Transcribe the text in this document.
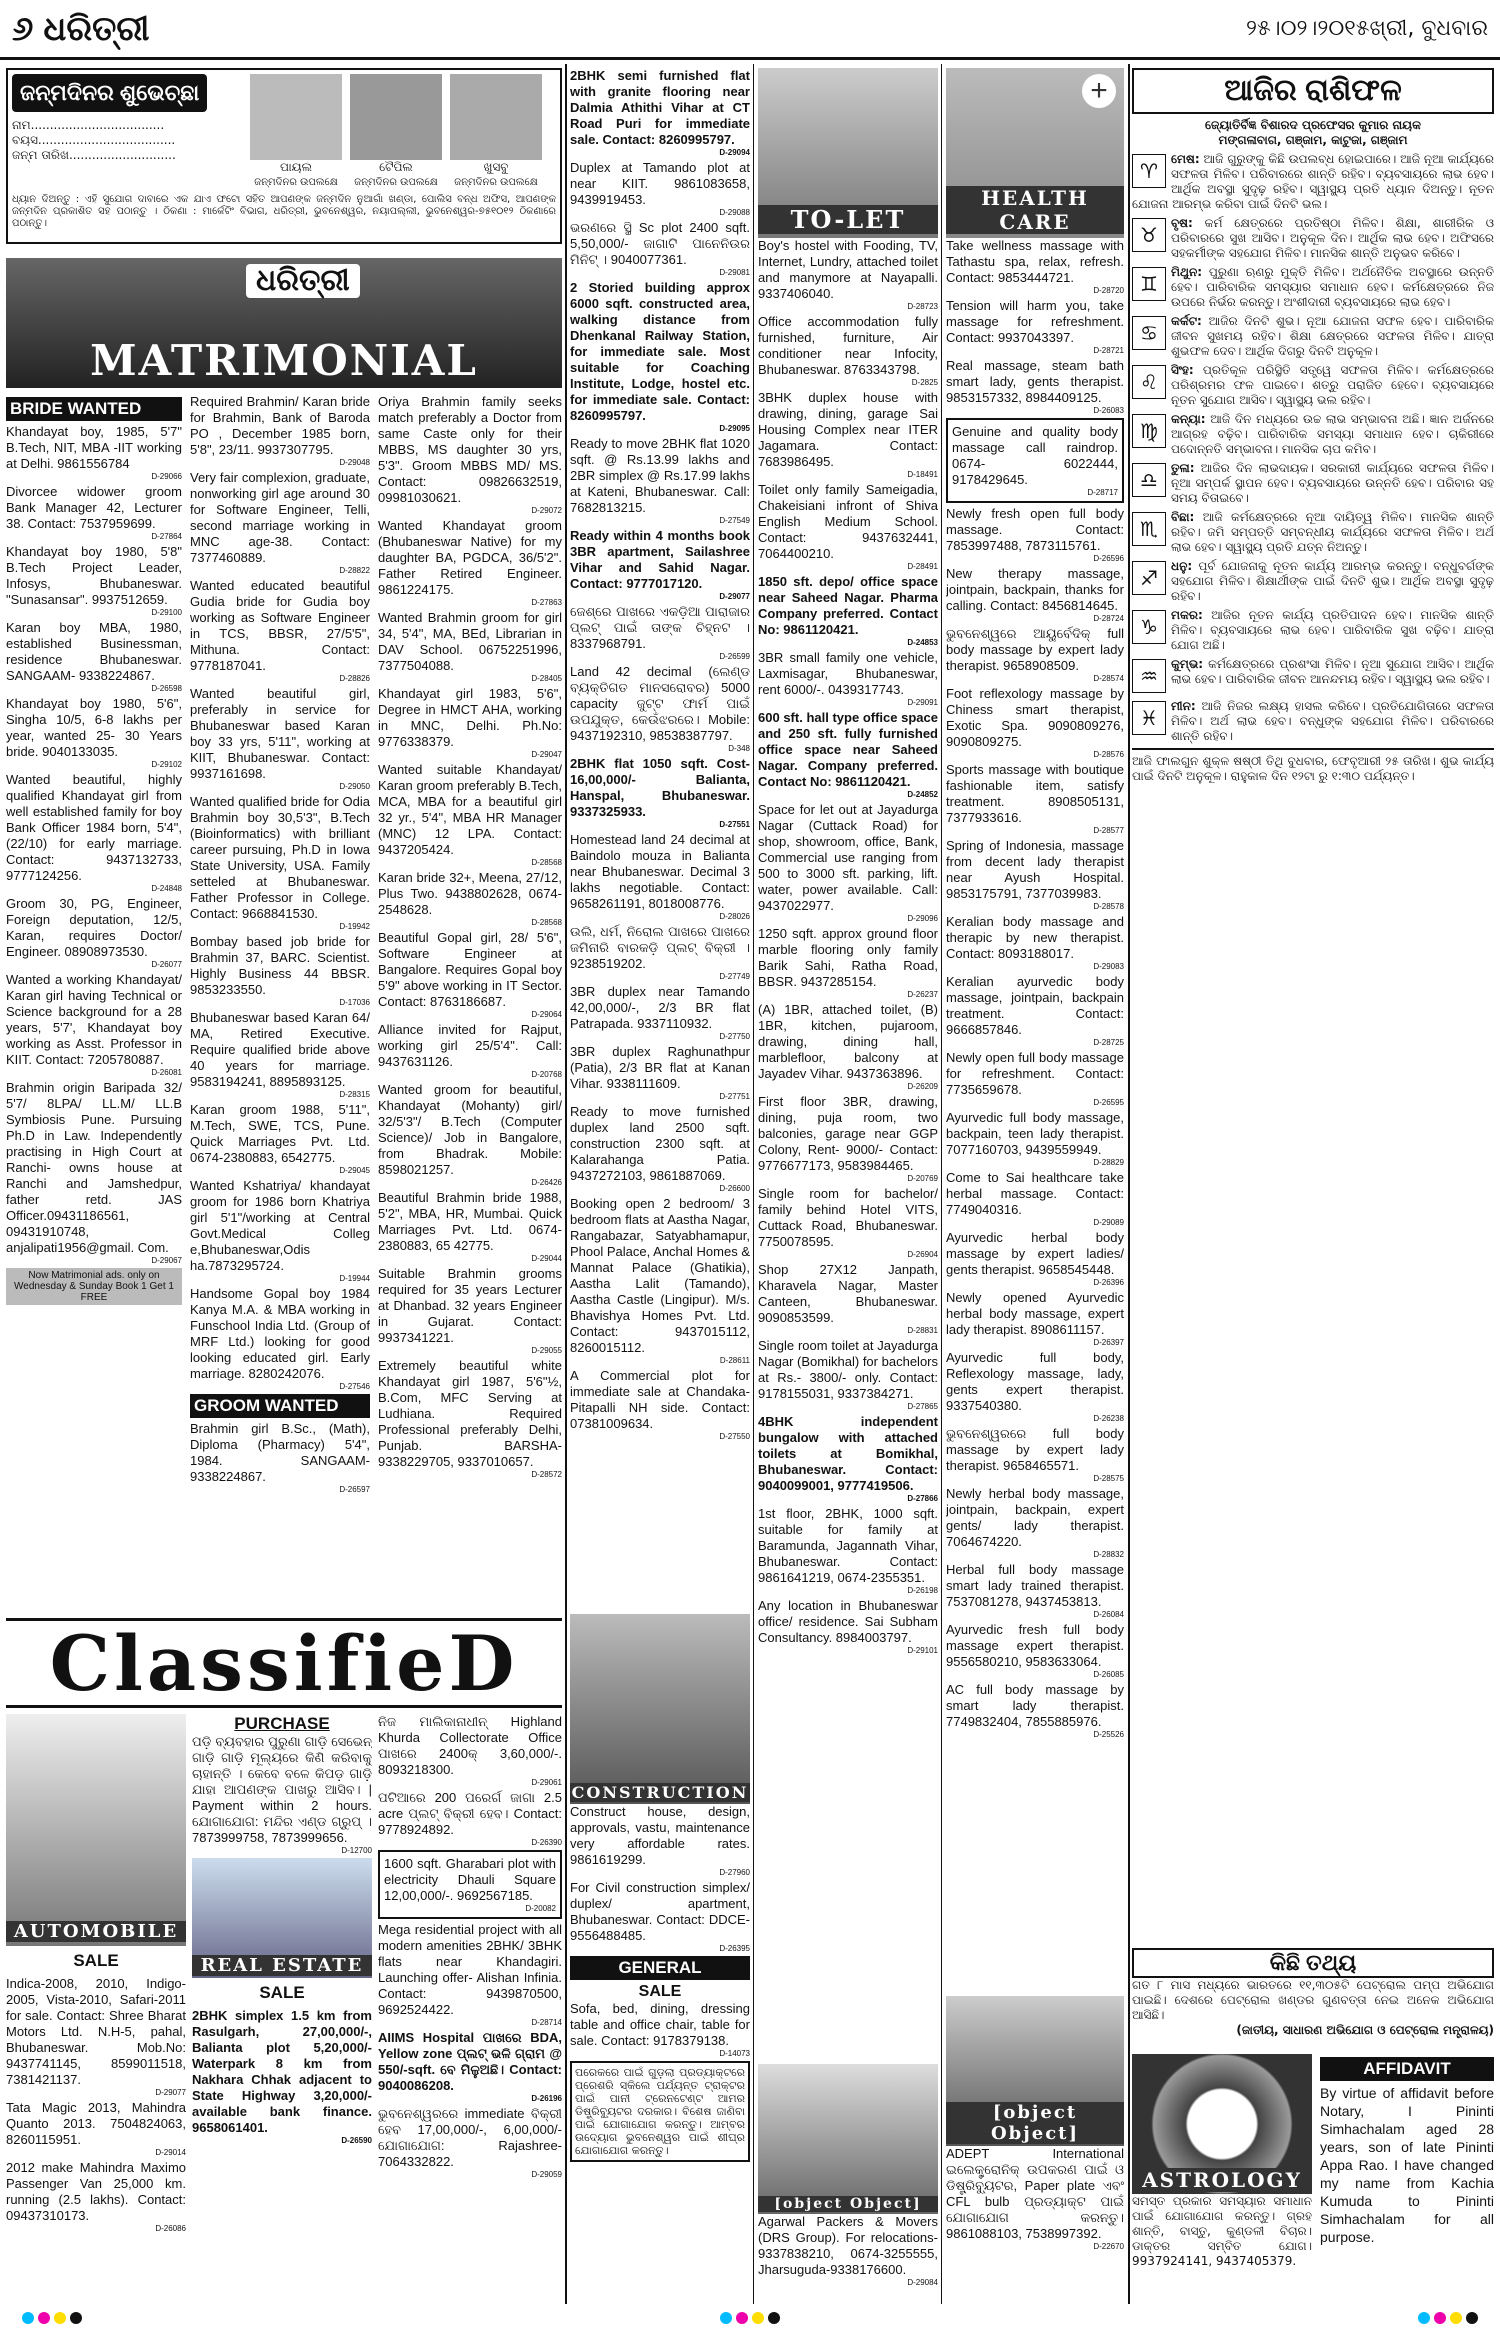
୬ ଧରିତ୍ରୀ	୨୫।୦୨।୨୦୧୫ଖ୍ରୀ, ବୁଧବାର
ଜନ୍ମଦିନର ଶୁଭେଚ୍ଛା
ନାମ...................................
ବୟସ....................................
ଜନ୍ମ ତାରିଖ............................
ପାୟଲ
ଜନ୍ମଦିନର ଉପଲକ୍ଷେ
ଟୈପିଲ
ଜନ୍ମଦିନର ଉପଲକ୍ଷେ
ଖୁସବୁ
ଜନ୍ମଦିନର ଉପଲକ୍ଷେ
ଧ୍ୟାନ ଦିଅନ୍ତୁ : ଏହି ସୁଯୋଗ ଦାବାରେ ଏକ ଯାଏ ଫଟୋ ସହିତ ଆପଣଙ୍କ ଜନ୍ମଦିନ ନୁଆଗାଁ ଖଣ୍ଡା, ପୋଲିସ ବନ୍ଧ ଅଫିସ, ଆପଣଙ୍କ ଜନ୍ମଦିନ ପ୍ରକାଶିତ ସହ ପଠାନ୍ତୁ । ଠିକଣା : ମାର୍କେଟିଂ ବିଭାଗ, ଧରିତ୍ରୀ, ଭୁବନେଶ୍ୱର, ନୟାପଲ୍ଲୀ, ଭୁବନେଶ୍ୱର-୭୫୧୦୧୨ ଠିକଣାରେ ପଠାନ୍ତୁ।
ଧରିତ୍ରୀ
MATRIMONIAL
BRIDE WANTED
Khandayat boy, 1985, 5'7" B.Tech, NIT, MBA -IIT working at Delhi. 9861556784
D-29066
Divorcee widower groom Bank Manager 42, Lecturer 38. Contact: 7537959699.
D-27864
Khandayat boy 1980, 5'8" B.Tech Project Leader, Infosys, Bhubaneswar. "Sunasansar". 9937512659.
D-29100
Karan boy MBA, 1980, established Businessman, residence Bhubaneswar. SANGAAM- 9338224867.
D-26598
Khandayat boy 1980, 5'6", Singha 10/5, 6-8 lakhs per year, wanted 25- 30 Years bride. 9040133035.
D-29102
Wanted beautiful, highly qualified Khandayat girl from well established family for boy Bank Officer 1984 born, 5'4", (22/10) for early marriage. Contact: 9437132733, 9777124256.
D-24848
Groom 30, PG, Engineer, Foreign deputation, 12/5, Karan, requires Doctor/ Engineer. 08908973530.
D-26077
Wanted a working Khandayat/ Karan girl having Technical or Science background for a 28 years, 5'7', Khandayat boy working as Asst. Professor in KIIT. Contact: 7205780887.
D-26081
Brahmin origin Baripada 32/ 5'7/ 8LPA/ LL.M/ LL.B Symbiosis Pune. Pursuing Ph.D in Law. Independently practising in High Court at Ranchi- owns house at Ranchi and Jamshedpur, father retd. JAS Officer.09431186561, 09431910748, anjalipati1956@gmail. Com.
D-29067
Now Matrimonial ads. only on Wednesday & Sunday Book 1 Get 1 FREE
Required Brahmin/ Karan bride for Brahmin, Bank of Baroda PO , December 1985 born, 5'8", 23/11. 9937307795.
D-29048
Very fair complexion, graduate, nonworking girl age around 30 for Software Engineer, Telli, second marriage working in MNC age-38. Contact: 7377460889.
D-28822
Wanted educated beautiful Gudia bride for Gudia boy working as Software Engineer in TCS, BBSR, 27/5'5", Mithuna. Contact: 9778187041.
D-28826
Wanted beautiful girl, preferably in service for Bhubaneswar based Karan boy 33 yrs, 5'11", working at KIIT, Bhubaneswar. Contact: 9937161698.
D-29050
Wanted qualified bride for Odia Brahmin boy 30,5'3", B.Tech (Bioinformatics) with brilliant career pursuing, Ph.D in Iowa State University, USA. Family setteled at Bhubaneswar. Father Professor in College. Contact: 9668841530.
D-19942
Bombay based job bride for Brahmin 37, BARC. Scientist. Highly Business 44 BBSR. 9853233550.
D-17036
Bhubaneswar based Karan 64/ MA, Retired Executive. Require qualified bride above 40 years for marriage. 9583194241, 8895893125.
D-28315
Karan groom 1988, 5'11", M.Tech, SWE, TCS, Pune. Quick Marriages Pvt. Ltd. 0674-2380883, 6542775.
D-29045
Wanted Kshatriya/ khandayat groom for 1986 born Khatriya girl 5'1"/working at Central Govt.Medical Colleg e,Bhubaneswar,Odis ha.7873295724.
D-19944
Handsome Gopal boy 1984 Kanya M.A. & MBA working in Funschool India Ltd. (Group of MRF Ltd.) looking for good looking educated girl. Early marriage. 8280242076.
D-27546
GROOM WANTED
Brahmin girl B.Sc., (Math), Diploma (Pharmacy) 5'4", 1984. SANGAAM- 9338224867.
D-26597
Oriya Brahmin family seeks match preferably a Doctor from same Caste only for their MBBS, MS daughter 30 yrs, 5'3". Groom MBBS MD/ MS. Contact: 09826632519, 09981030621.
D-29072
Wanted Khandayat groom (Bhubaneswar Native) for my daughter BA, PGDCA, 36/5'2". Father Retired Engineer. 9861224175.
D-27863
Wanted Brahmin groom for girl 34, 5'4", MA, BEd, Librarian in DAV School. 06752251996, 7377504088.
D-28405
Khandayat girl 1983, 5'6", Degree in HMCT AHA, working in MNC, Delhi. Ph.No: 9776338379.
D-29047
Wanted suitable Khandayat/ Karan groom preferably B.Tech, MCA, MBA for a beautiful girl 32 yr., 5'4", MBA HR Manager (MNC) 12 LPA. Contact: 9437205424.
D-28568
Karan bride 32+, Meena, 27/12, Plus Two. 9438802628, 0674- 2548628.
D-28568
Beautiful Gopal girl, 28/ 5'6", Software Engineer at Bangalore. Requires Gopal boy 5'9" above working in IT Sector. Contact: 8763186687.
D-29064
Alliance invited for Rajput, working girl 25/5'4". Call: 9437631126.
D-20768
Wanted groom for beautiful, Khandayat (Mohanty) girl/ 32/5'3"/ B.Tech (Computer Science)/ Job in Bangalore, from Bhadrak. Mobile: 8598021257.
D-26426
Beautiful Brahmin bride 1988, 5'2", MBA, HR, Mumbai. Quick Marriages Pvt. Ltd. 0674-2380883, 65 42775.
D-29044
Suitable Brahmin grooms required for 35 years Lecturer at Dhanbad. 32 years Engineer in Gujarat. Contact: 9937341221.
D-29055
Extremely beautiful white Khandayat girl 1987, 5'6"½, B.Com, MFC Serving at Ludhiana. Required Professional preferably Delhi, Punjab. BARSHA- 9338229705, 9337010657.
D-28572
2BHK semi furnished flat with granite flooring near Dalmia Athithi Vihar at CT Road Puri for immediate sale. Contact: 8260995797.
D-29094
Duplex at Tamando plot at near KIIT. 9861083658, 9439919453.
D-29088
ଭରଣରେ ସ୍ଥି Sc plot 2400 sqft. 5,50,000/- ଜାଗାଟି ପାନେନିଉର ମିନିଟ୍ । 9040077361.
D-29081
2 Storied building approx 6000 sqft. constructed area, walking distance from Dhenkanal Railway Station, for immediate sale. Most suitable for Coaching Institute, Lodge, hostel etc. for immediate sale. Contact: 8260995797.
D-29095
Ready to move 2BHK flat 1020 sqft. @ Rs.13.99 lakhs and 2BR simplex @ Rs.17.99 lakhs at Kateni, Bhubaneswar. Call: 7682813215.
D-27549
Ready within 4 months book 3BR apartment, Sailashree Vihar and Sahid Nagar. Contact: 9777017120.
D-29077
ଜେଶ୍ରେ ପାଖରେ ଏକଡ଼ିଆ ପାରାଜାର ପ୍ଲଟ୍ ପାଇଁ ତାଙ୍କ ଚିହ୍ନଟ । 8337968791.
D-26599
Land 42 decimal (ଲେଣ୍ଡ ବ୍ୟକ୍ତିଗତ ମାନସରୋବର) 5000 capacity ଜୁଟ୍ଟ ଫାର୍ମ ପାଇଁ ଉପଯୁକ୍ତ, କେଉଁଝରରେ। Mobile: 9437192310, 98538387797.
D-348
2BHK flat 1050 sqft. Cost- 16,00,000/- Balianta, Hanspal, Bhubaneswar. 9337325933.
D-27551
Homestead land 24 decimal at Baindolo mouza in Balianta near Bhubaneswar. Decimal 3 lakhs negotiable. Contact: 9658261191, 8018008776.
D-28026
ଉଲି, ଧର୍ମ, ନିରୋଲ ପାଖରେ ପାଖରେ ଜମିନାରି ବାରକଡ଼ି ପ୍ଲଟ୍ ବିକ୍ରୀ । 9238519202.
D-27749
3BR duplex near Tamando 42,00,000/-, 2/3 BR flat Patrapada. 9337110932.
D-27750
3BR duplex Raghunathpur (Patia), 2/3 BR flat at Kanan Vihar. 9338111609.
D-27751
Ready to move furnished duplex land 2500 sqft. construction 2300 sqft. at Kalarahanga Patia. 9437272103, 9861887069.
D-26600
Booking open 2 bedroom/ 3 bedroom flats at Aastha Nagar, Rangabazar, Satyabhamapur, Phool Palace, Anchal Homes & Mannat Palace (Ghatikia), Aastha Lalit (Tamando), Aastha Castle (Lingipur). M/s. Bhavishya Homes Pvt. Ltd. Contact: 9437015112, 8260015112.
D-28611
A Commercial plot for immediate sale at Chandaka- Pitapalli NH side. Contact: 07381009634.
D-27550
TO-LET
Boy's hostel with Fooding, TV, Internet, Lundry, attached toilet and manymore at Nayapalli. 9337406040.
D-28723
Office accommodation fully furnished, furniture, Air conditioner near Infocity, Bhubaneswar. 8763343798.
D-2825
3BHK duplex house with drawing, dining, garage Sai Housing Complex near ITER Jagamara. Contact: 7683986495.
D-18491
Toilet only family Sameigadia, Chakeisiani infront of Shiva English Medium School. Contact: 9437632441, 7064400210.
D-28491
1850 sft. depo/ office space near Saheed Nagar. Pharma Company preferred. Contact No: 9861120421.
D-24853
3BR small family one vehicle, Laxmisagar, Bhubaneswar, rent 6000/-. 0439317743.
D-29091
600 sft. hall type office space and 250 sft. fully furnished office space near Saheed Nagar. Company preferred. Contact No: 9861120421.
D-24852
Space for let out at Jayadurga Nagar (Cuttack Road) for shop, showroom, office, Bank, Commercial use ranging from 500 to 3000 sft. parking, lift. water, power available. Call: 9437022977.
D-29096
1250 sqft. approx ground floor marble flooring only family Barik Sahi, Ratha Road, BBSR. 9437285154.
D-26237
(A) 1BR, attached toilet, (B) 1BR, kitchen, pujaroom, drawing, dining hall, marblefloor, balcony at Jayadev Vihar. 9437363896.
D-26209
First floor 3BR, drawing, dining, puja room, two balconies, garage near GGP Colony, Rent- 9000/- Contact: 9776677173, 9583984465.
D-20769
Single room for bachelor/ family behind Hotel VITS, Cuttack Road, Bhubaneswar. 7750078595.
D-26904
Shop 27X12 Janpath, Kharavela Nagar, Master Canteen, Bhubaneswar. 9090853599.
D-28831
Single room toilet at Jayadurga Nagar (Bomikhal) for bachelors at Rs.- 3800/- only. Contact: 9178155031, 9337384271.
D-27865
4BHK independent bungalow with attached toilets at Bomikhal, Bhubaneswar. Contact: 9040099001, 9777419506.
D-27866
1st floor, 2BHK, 1000 sqft. suitable for family at Baramunda, Jagannath Vihar, Bhubaneswar. Contact: 9861641219, 0674-2355351.
D-26198
Any location in Bhubaneswar office/ residence. Sai Subham Consultancy. 8984003797.
D-29101
+
HEALTH CARE
Take wellness massage with Tathastu spa, relax, refresh. Contact: 9853444721.
D-28720
Tension will harm you, take massage for refreshment. Contact: 9937043397.
D-28721
Real massage, steam bath smart lady, gents therapist. 9853157332, 8984409125.
D-26083
Genuine and quality body massage call raindrop. 0674- 6022444, 9178429645.
D-28717
Newly fresh open full body massage. Contact: 7853997488, 7873115761.
D-26596
New therapy massage, jointpain, backpain, thanks for calling. Contact: 8456814645.
D-28724
ଭୁବନେଶ୍ୱରେ ଆୟୁର୍ବେଦିକ୍ full body massage by expert lady therapist. 9658908509.
D-28574
Foot reflexology massage by Chiness smart therapist, Exotic Spa. 9090809276, 9090809275.
D-28576
Sports massage with boutique fashionable item, satisfy treatment. 8908505131, 7377933616.
D-28577
Spring of Indonesia, massage from decent lady therapist near Ayush Hospital. 9853175791, 7377039983.
D-28578
Keralian body massage and therapic by new therapist. Contact: 8093188017.
D-29083
Keralian ayurvedic body massage, jointpain, backpain treatment. Contact: 9666857846.
D-28725
Newly open full body massage for refreshment. Contact: 7735659678.
D-26595
Ayurvedic full body massage, backpain, teen lady therapist. 7077160703, 9439559949.
D-28829
Come to Sai healthcare take herbal massage. Contact: 7749040316.
D-29089
Ayurvedic herbal body massage by expert ladies/ gents therapist. 9658545448.
D-26396
Newly opened Ayurvedic herbal body massage, expert lady therapist. 8908611157.
D-26397
Ayurvedic full body, Reflexology massage, lady, gents expert therapist. 9337540380.
D-26238
ଭୁବନେଶ୍ୱରରେ full body massage by expert lady therapist. 9658465571.
D-28575
Newly herbal body massage, jointpain, backpain, expert gents/ lady therapist. 7064674220.
D-28832
Herbal full body massage smart lady trained therapist. 7537081278, 9437453813.
D-26084
Ayurvedic fresh full body massage expert therapist. 9556580210, 9583633064.
D-26085
AC full body massage by smart lady therapist. 7749832404, 7855885976.
D-25526
ଆଜିର ରାଶିଫଳ
ଜ୍ୟୋତିର୍ବିଜ୍ଞ ବିଶାରଦ ପ୍ରଫେସର କୁମାର ନାୟକ
ମଙ୍ଗଳାବାଗ, ଗଞ୍ଜାମ, କାଟୁଜା, ଗଞ୍ଜାମ
♈	ମେଷ: ଆଜି ଗୁରୁଙ୍କୁ କିଛି ଉପଲବ୍ଧ ହୋଇପାରେ। ଆଜି ନୂଆ କାର୍ଯ୍ୟରେ ସଫଳତା ମିଳିବ। ପରିବାରରେ ଶାନ୍ତି ରହିବ। ବ୍ୟବସାୟରେ ଲାଭ ହେବ। ଆର୍ଥିକ ଅବସ୍ଥା ସୁଦୃଢ଼ ରହିବ। ସ୍ୱାସ୍ଥ୍ୟ ପ୍ରତି ଧ୍ୟାନ ଦିଅନ୍ତୁ। ନୂତନ ଯୋଜନା ଆରମ୍ଭ କରିବା ପାଇଁ ଦିନଟି ଭଲ।
♉	ବୃଷ: କର୍ମ କ୍ଷେତ୍ରରେ ପ୍ରତିଷ୍ଠା ମିଳିବ। ଶିକ୍ଷା, ଶାରୀରିକ ଓ ପରିବାରରେ ସୁଖ ଆସିବ। ଅନୁକୂଳ ଦିନ। ଆର୍ଥିକ ଲାଭ ହେବ। ଅଫିସରେ ସହକର୍ମୀଙ୍କ ସହଯୋଗ ମିଳିବ। ମାନସିକ ଶାନ୍ତି ଅନୁଭବ କରିବେ।
♊	ମିଥୁନ: ପୁରୁଣା ଋଣରୁ ମୁକ୍ତି ମିଳିବ। ଅର୍ଥନୈତିକ ଅବସ୍ଥାରେ ଉନ୍ନତି ହେବ। ପାରିବାରିକ ସମସ୍ୟାର ସମାଧାନ ହେବ। କର୍ମକ୍ଷେତ୍ରରେ ନିଜ ଉପରେ ନିର୍ଭର କରନ୍ତୁ। ଅଂଶୀଦାରୀ ବ୍ୟବସାୟରେ ଲାଭ ହେବ।
♋	କର୍କଟ: ଆଜିର ଦିନଟି ଶୁଭ। ନୂଆ ଯୋଜନା ସଫଳ ହେବ। ପାରିବାରିକ ଜୀବନ ସୁଖମୟ ରହିବ। ଶିକ୍ଷା କ୍ଷେତ୍ରରେ ସଫଳତା ମିଳିବ। ଯାତ୍ରା ଶୁଭଫଳ ଦେବ। ଆର୍ଥିକ ଦିଗରୁ ଦିନଟି ଅନୁକୂଳ।
♌	ସିଂହ: ପ୍ରତିକୂଳ ପରିସ୍ଥିତି ସତ୍ତ୍ୱେ ସଫଳତା ମିଳିବ। କର୍ମକ୍ଷେତ୍ରରେ ପରିଶ୍ରମର ଫଳ ପାଇବେ। ଶତ୍ରୁ ପରାଜିତ ହେବେ। ବ୍ୟବସାୟରେ ନୂତନ ସୁଯୋଗ ଆସିବ। ସ୍ୱାସ୍ଥ୍ୟ ଭଲ ରହିବ।
♍	କନ୍ୟା: ଆଜି ଦିନ ମଧ୍ୟରେ ଉଚ୍ଚ ଲାଭ ସମ୍ଭାବନା ଅଛି। ଜ୍ଞାନ ଅର୍ଜନରେ ଆଗ୍ରହ ବଢ଼ିବ। ପାରିବାରିକ ସମସ୍ୟା ସମାଧାନ ହେବ। ଚାକିରୀରେ ପଦୋନ୍ନତି ସମ୍ଭାବନା। ମାନସିକ ଚାପ କମିବ।
♎	ତୁଳା: ଆଜିର ଦିନ ଲାଭଦାୟକ। ସରକାରୀ କାର୍ଯ୍ୟରେ ସଫଳତା ମିଳିବ। ନୂଆ ସମ୍ପର୍କ ସ୍ଥାପନ ହେବ। ବ୍ୟବସାୟରେ ଉନ୍ନତି ହେବ। ପରିବାର ସହ ସମୟ ବିତାଇବେ।
♏	ବିଛା: ଆଜି କର୍ମକ୍ଷେତ୍ରରେ ନୂଆ ଦାୟିତ୍ୱ ମିଳିବ। ମାନସିକ ଶାନ୍ତି ରହିବ। ଜମି ସମ୍ପତ୍ତି ସମ୍ବନ୍ଧୀୟ କାର୍ଯ୍ୟରେ ସଫଳତା ମିଳିବ। ଅର୍ଥ ଲାଭ ହେବ। ସ୍ୱାସ୍ଥ୍ୟ ପ୍ରତି ଯତ୍ନ ନିଅନ୍ତୁ।
♐	ଧନୁ: ପୂର୍ବ ଯୋଜନାକୁ ନୂତନ କାର୍ଯ୍ୟ ଆରମ୍ଭ କରନ୍ତୁ। ବନ୍ଧୁବର୍ଗଙ୍କ ସହଯୋଗ ମିଳିବ। ଶିକ୍ଷାର୍ଥୀଙ୍କ ପାଇଁ ଦିନଟି ଶୁଭ। ଆର୍ଥିକ ଅବସ୍ଥା ସୁଦୃଢ଼ ରହିବ।
♑	ମକର: ଆଜିର ନୂତନ କାର୍ଯ୍ୟ ପ୍ରତିପାଦନ ହେବ। ମାନସିକ ଶାନ୍ତି ମିଳିବ। ବ୍ୟବସାୟରେ ଲାଭ ହେବ। ପାରିବାରିକ ସୁଖ ବଢ଼ିବ। ଯାତ୍ରା ଯୋଗ ଅଛି।
♒	କୁମ୍ଭ: କର୍ମକ୍ଷେତ୍ରରେ ପ୍ରଶଂସା ମିଳିବ। ନୂଆ ସୁଯୋଗ ଆସିବ। ଆର୍ଥିକ ଲାଭ ହେବ। ପାରିବାରିକ ଜୀବନ ଆନନ୍ଦମୟ ରହିବ। ସ୍ୱାସ୍ଥ୍ୟ ଭଲ ରହିବ।
♓	ମୀନ: ଆଜି ନିଜର ଲକ୍ଷ୍ୟ ହାସଲ କରିବେ। ପ୍ରତିଯୋଗିତାରେ ସଫଳତା ମିଳିବ। ଅର୍ଥ ଲାଭ ହେବ। ବନ୍ଧୁଙ୍କ ସହଯୋଗ ମିଳିବ। ପରିବାରରେ ଶାନ୍ତି ରହିବ।
ଆଜି ଫାଲଗୁନ ଶୁକ୍ଳ ଷଷ୍ଠୀ ତିଥି ବୁଧବାର, ଫେବୃଆରୀ ୨୫ ତାରିଖ। ଶୁଭ କାର୍ଯ୍ୟ ପାଇଁ ଦିନଟି ଅନୁକୂଳ। ରାହୁକାଳ ଦିନ ୧୨ଟା ରୁ ୧:୩୦ ପର୍ଯ୍ୟନ୍ତ।
କିଛି ତଥ୍ୟ
ଗତ ୮ ମାସ ମଧ୍ୟରେ ଭାରତରେ ୧୧,୩୦୫ଟି ପେଟ୍ରୋଲ ପମ୍ପ ଅଭିଯୋଗ ପାଇଛି। ଦେଶରେ ପେଟ୍ରୋଲ ଖଣ୍ଡର ଗୁଣବତ୍ତା ନେଇ ଅନେକ ଅଭିଯୋଗ ଆସିଛି।
(ଜାତୀୟ, ସାଧାରଣ ଅଭିଯୋଗ ଓ ପେଟ୍ରୋଲ ମନ୍ତ୍ରାଳୟ)
ASTROLOGY
ସମସ୍ତ ପ୍ରକାର ସମସ୍ୟାର ସମାଧାନ ପାଇଁ ଯୋଗାଯୋଗ କରନ୍ତୁ। ଗ୍ରହ ଶାନ୍ତି, ବାସ୍ତୁ, କୁଣ୍ଡଳୀ ବିଚାର। ଡାକ୍ତର ସମ୍ବିତ ଯୋଗ। 9937924141, 9437405379.
AFFIDAVIT
By virtue of affidavit before Notary, I Pininti Simhachalam aged 28 years, son of late Pininti Appa Rao. I have changed my name from Kachia Kumuda to Pininti Simhachalam for all purpose.
ClassifieD
AUTOMOBILE
SALE
Indica-2008, 2010, Indigo-2005, Vista-2010, Safari-2011 for sale. Contact: Shree Bharat Motors Ltd. N.H-5, pahal, Bhubaneswar. Mob.No: 9437741145, 8599011518, 7381421137.
D-29077
Tata Magic 2013, Mahindra Quanto 2013. 7504824063, 8260115951.
D-29014
2012 make Mahindra Maximo Passenger Van 25,000 km. running (2.5 lakhs). Contact: 09437310173.
D-26086
PURCHASE
ପଡ଼ି ବ୍ୟବହାର ପୁରୁଣା ଗାଡ଼ି ସେଭେନ୍ ଗାଡ଼ି ଗାଡ଼ି ମୂଲ୍ୟରେ କିଣି କରିବାକୁ ଚାହାନ୍ତି । କେବେ ବଳେ କିପଡ଼ ଗାଡ଼ି ଯାହା ଆପଣଙ୍କ ପାଖରୁ ଆସିବ। | Payment within 2 hours. ଯୋଗାଯୋଗ: ମନ୍ଦିର ଏଣ୍ଡ ଗ୍ରୁପ୍ । 7873999758, 7873999656.
D-12700
REAL ESTATE
SALE
2BHK simplex 1.5 km from Rasulgarh, 27,00,000/-, Balianta plot 5,20,000/- Waterpark 8 km from Nakhara Chhak adjacent to State Highway 3,20,000/- available bank finance. 9658061401.
D-26590
ନିଜ ମାଲିକାନାଧୀନ୍ Highland Khurda Collectorate Office ପାଖରେ 2400କ୍ 3,60,000/-. 8093218300.
D-29061
ପଟିଆରେ 200 ପରେର୍ଗ ଜାଗା 2.5 acre ପ୍ଲଟ୍ ବିକ୍ରୀ ହେବ। Contact: 9778924892.
D-26390
1600 sqft. Gharabari plot with electricity Dhauli Square 12,00,000/-. 9692567185.
D-20082
Mega residential project with all modern amenities 2BHK/ 3BHK flats near Khandagiri. Launching offer- Alishan Infinia. Contact: 9439870500, 9692524422.
D-28714
AIIMS Hospital ପାଖରେ BDA, Yellow zone ପ୍ଲଟ୍ ଭଳି ଗ୍ରାମ @ 550/-sqft. ବେ ମିଳୁଅଛି। Contact: 9040086208.
D-26196
ଭୁବନେଶ୍ୱରରେ immediate ବିକ୍ରୀ ହେବ 17,00,000/-, 6,00,000/- ଯୋଗାଯୋଗ: Rajashree- 7064332822.
D-29059
CONSTRUCTION
Construct house, design, approvals, vastu, maintenance very affordable rates. 9861619299.
D-27960
For Civil construction simplex/ duplex/ apartment, Bhubaneswar. Contact: DDCE- 9556488485.
D-26395
GENERAL
SALE
Sofa, bed, dining, dressing table and office chair, table for sale. Contact: 9178379138.
D-14073
ପରେକରେ ପାଇଁ ଗୁଡ଼ଲା ପ୍ରଡ୍ୟାକ୍ଟରେ ପ୍ରେଶରି ସ୍କିଲେ ପର୍ଯ୍ୟନ୍ତ ଟ୍ରାକ୍ଟର ପାଇଁ ପାନୀ ଟ୍ରେନଟେଣ୍ଟ ଆମର ଡିଷ୍ଟ୍ରିବ୍ୟୁଟର ଦରକାର। ବିଶେଷ ଜାଣିବା ପାଇଁ ଯୋଗାଯୋଗ କରନ୍ତୁ। ଆମ୍ବର ଉଦ୍ୟୋଗ ଭୁବନେଶ୍ୱର ପାଇଁ ଶୀଘ୍ର ଯୋଗାଯୋଗ କରନ୍ତୁ।
[object Object]
Agarwal Packers & Movers (DRS Group). For relocations- 9337838210, 0674-3255555, Jharsuguda-9338176600.
D-29084
[object Object]
ADEPT International ଇଲେକ୍ଟ୍ରୋନିକ୍ ଉପକରଣ ପାଇଁ ଓ ଡିଷ୍ଟ୍ରିବ୍ୟୁଟର, Paper plate ଏବଂ CFL bulb ପ୍ରଡ୍ୟାକ୍ଟ ପାଇଁ ଯୋଗାଯୋଗ କରନ୍ତୁ। 9861088103, 7538997392.
D-22670
